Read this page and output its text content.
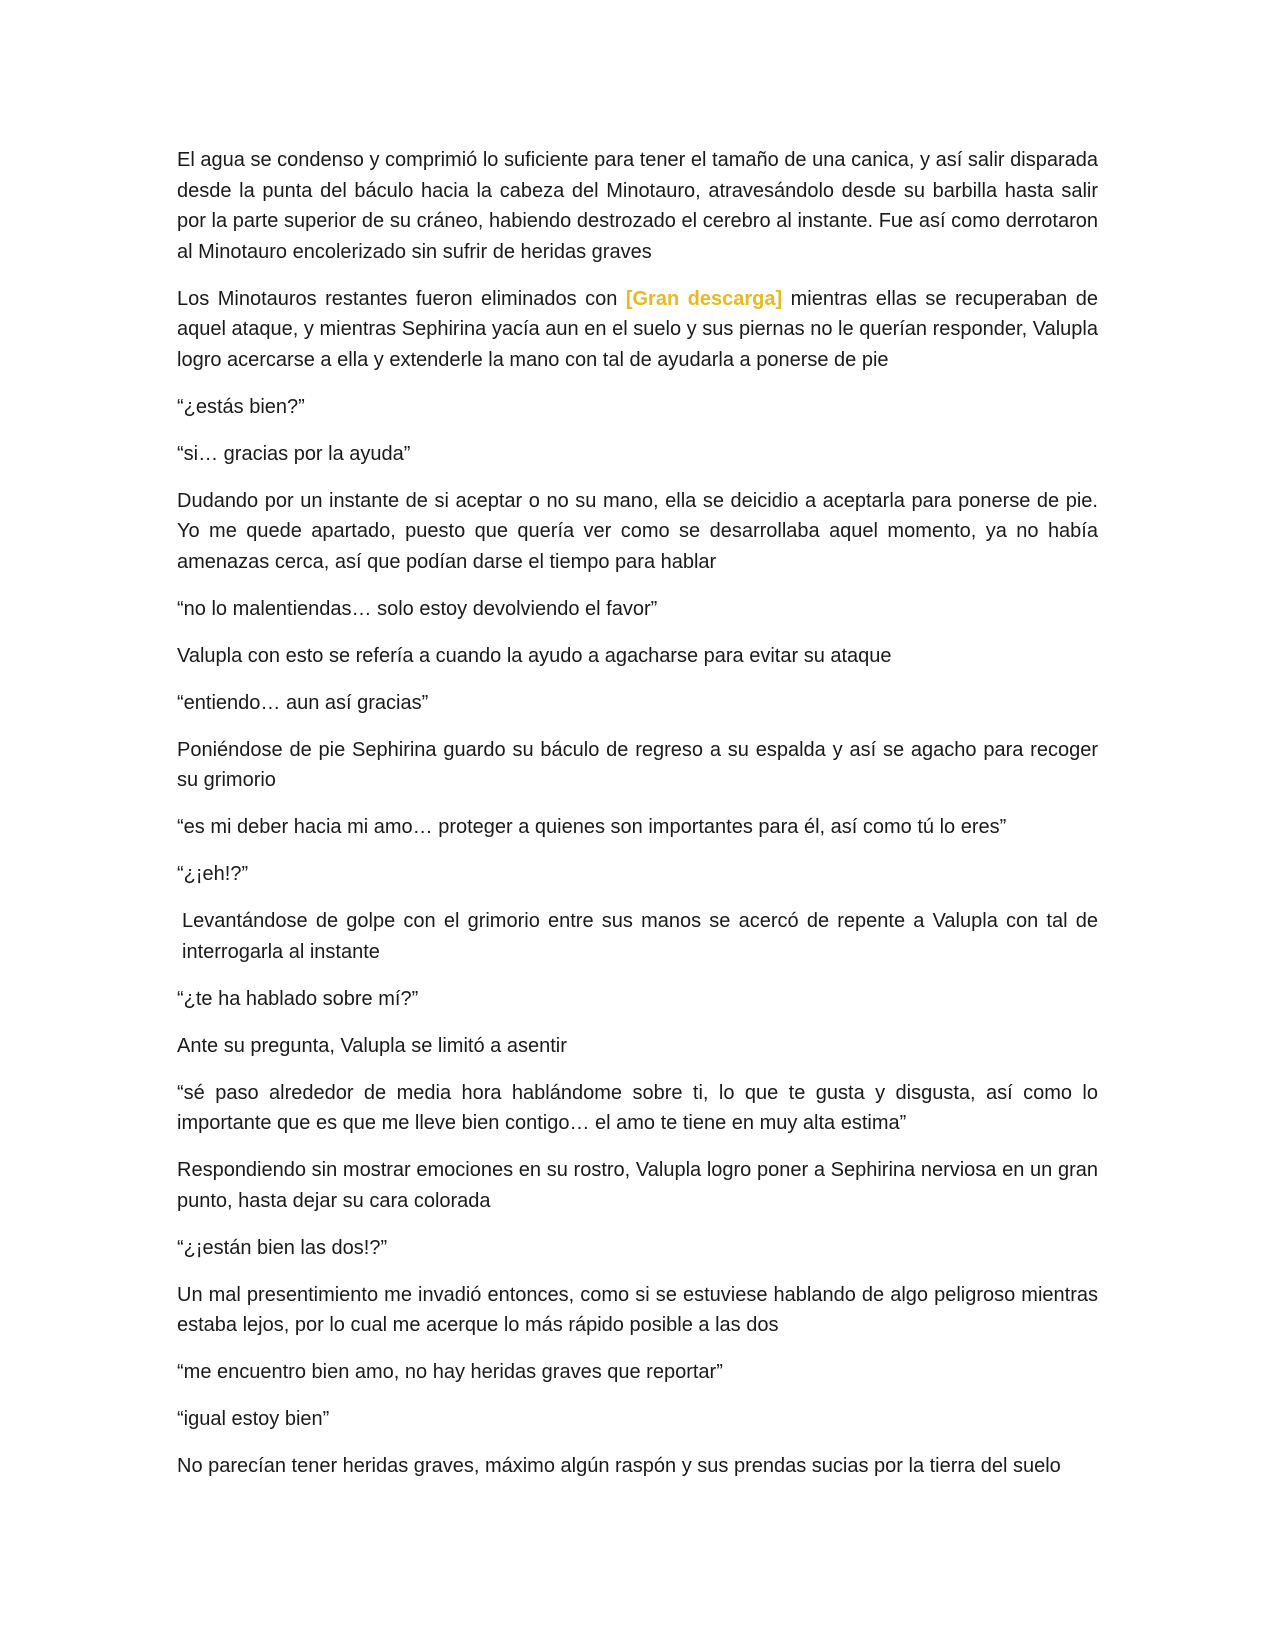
El agua se condenso y comprimió lo suficiente para tener el tamaño de una canica, y así salir disparada desde la punta del báculo hacia la cabeza del Minotauro, atravesándolo desde su barbilla hasta salir por la parte superior de su cráneo, habiendo destrozado el cerebro al instante. Fue así como derrotaron al Minotauro encolerizado sin sufrir de heridas graves

Los Minotauros restantes fueron eliminados con [Gran descarga] mientras ellas se recuperaban de aquel ataque, y mientras Sephirina yacía aun en el suelo y sus piernas no le querían responder, Valupla logro acercarse a ella y extenderle la mano con tal de ayudarla a ponerse de pie

“¿estás bien?”

“si… gracias por la ayuda”

Dudando por un instante de si aceptar o no su mano, ella se deicidio a aceptarla para ponerse de pie. Yo me quede apartado, puesto que quería ver como se desarrollaba aquel momento, ya no había amenazas cerca, así que podían darse el tiempo para hablar

“no lo malentiendas… solo estoy devolviendo el favor”

Valupla con esto se refería a cuando la ayudo a agacharse para evitar su ataque

“entiendo… aun así gracias”

Poniéndose de pie Sephirina guardo su báculo de regreso a su espalda y así se agacho para recoger su grimorio

“es mi deber hacia mi amo… proteger a quienes son importantes para él, así como tú lo eres”

“¿¡eh!?”

Levantándose de golpe con el grimorio entre sus manos se acercó de repente a Valupla con tal de interrogarla al instante

“¿te ha hablado sobre mí?”

Ante su pregunta, Valupla se limitó a asentir

“sé paso alrededor de media hora hablándome sobre ti, lo que te gusta y disgusta, así como lo importante que es que me lleve bien contigo… el amo te tiene en muy alta estima”

Respondiendo sin mostrar emociones en su rostro, Valupla logro poner a Sephirina nerviosa en un gran punto, hasta dejar su cara colorada

“¿¡están bien las dos!?”

Un mal presentimiento me invadió entonces, como si se estuviese hablando de algo peligroso mientras estaba lejos, por lo cual me acerque lo más rápido posible a las dos

“me encuentro bien amo, no hay heridas graves que reportar”

“igual estoy bien”

No parecían tener heridas graves, máximo algún raspón y sus prendas sucias por la tierra del suelo
